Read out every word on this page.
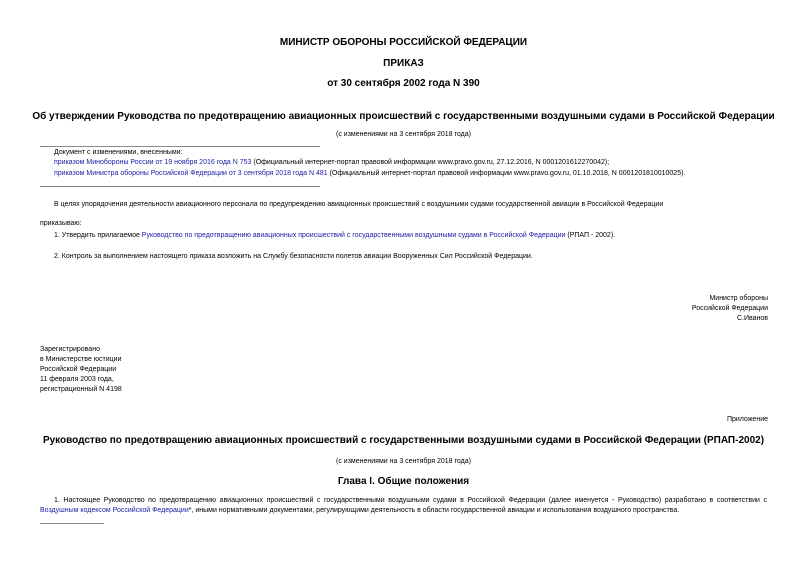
МИНИСТР ОБОРОНЫ РОССИЙСКОЙ ФЕДЕРАЦИИ
ПРИКАЗ
от 30 сентября 2002 года N 390
Об утверждении Руководства по предотвращению авиационных происшествий с государственными воздушными судами в Российской Федерации
(с изменениями на 3 сентября 2018 года)
Документ с изменениями, внесенными:
приказом Минобороны России от 19 ноября 2016 года N 753 (Официальный интернет-портал правовой информации www.pravo.gov.ru, 27.12.2016, N 0001201612270042);
приказом Министра обороны Российской Федерации от 3 сентября 2018 года N 481 (Официальный интернет-портал правовой информации www.pravo.gov.ru, 01.10.2018, N 0001201810010025).
В целях упорядочения деятельности авиационного персонала по предупреждению авиационных происшествий с воздушными судами государственной авиации в Российской Федерации
приказываю:
1. Утвердить прилагаемое Руководство по предотвращению авиационных происшествий с государственными воздушными судами в Российской Федерации (РПАП - 2002).
2. Контроль за выполнением настоящего приказа возложить на Службу безопасности полетов авиации Вооруженных Сил Российской Федерации.
Министр обороны
Российской Федерации
С.Иванов
Зарегистрировано
в Министерстве юстиции
Российской Федерации
11 февраля 2003 года,
регистрационный N 4198
Приложение
Руководство по предотвращению авиационных происшествий с государственными воздушными судами в Российской Федерации (РПАП-2002)
(с изменениями на 3 сентября 2018 года)
Глава I. Общие положения
1. Настоящее Руководство по предотвращению авиационных происшествий с государственными воздушными судами в Российской Федерации (далее именуется - Руководство) разработано в соответствии с Воздушным кодексом Российской Федерации*, иными нормативными документами, регулирующими деятельность в области государственной авиации и использования воздушного пространства.
